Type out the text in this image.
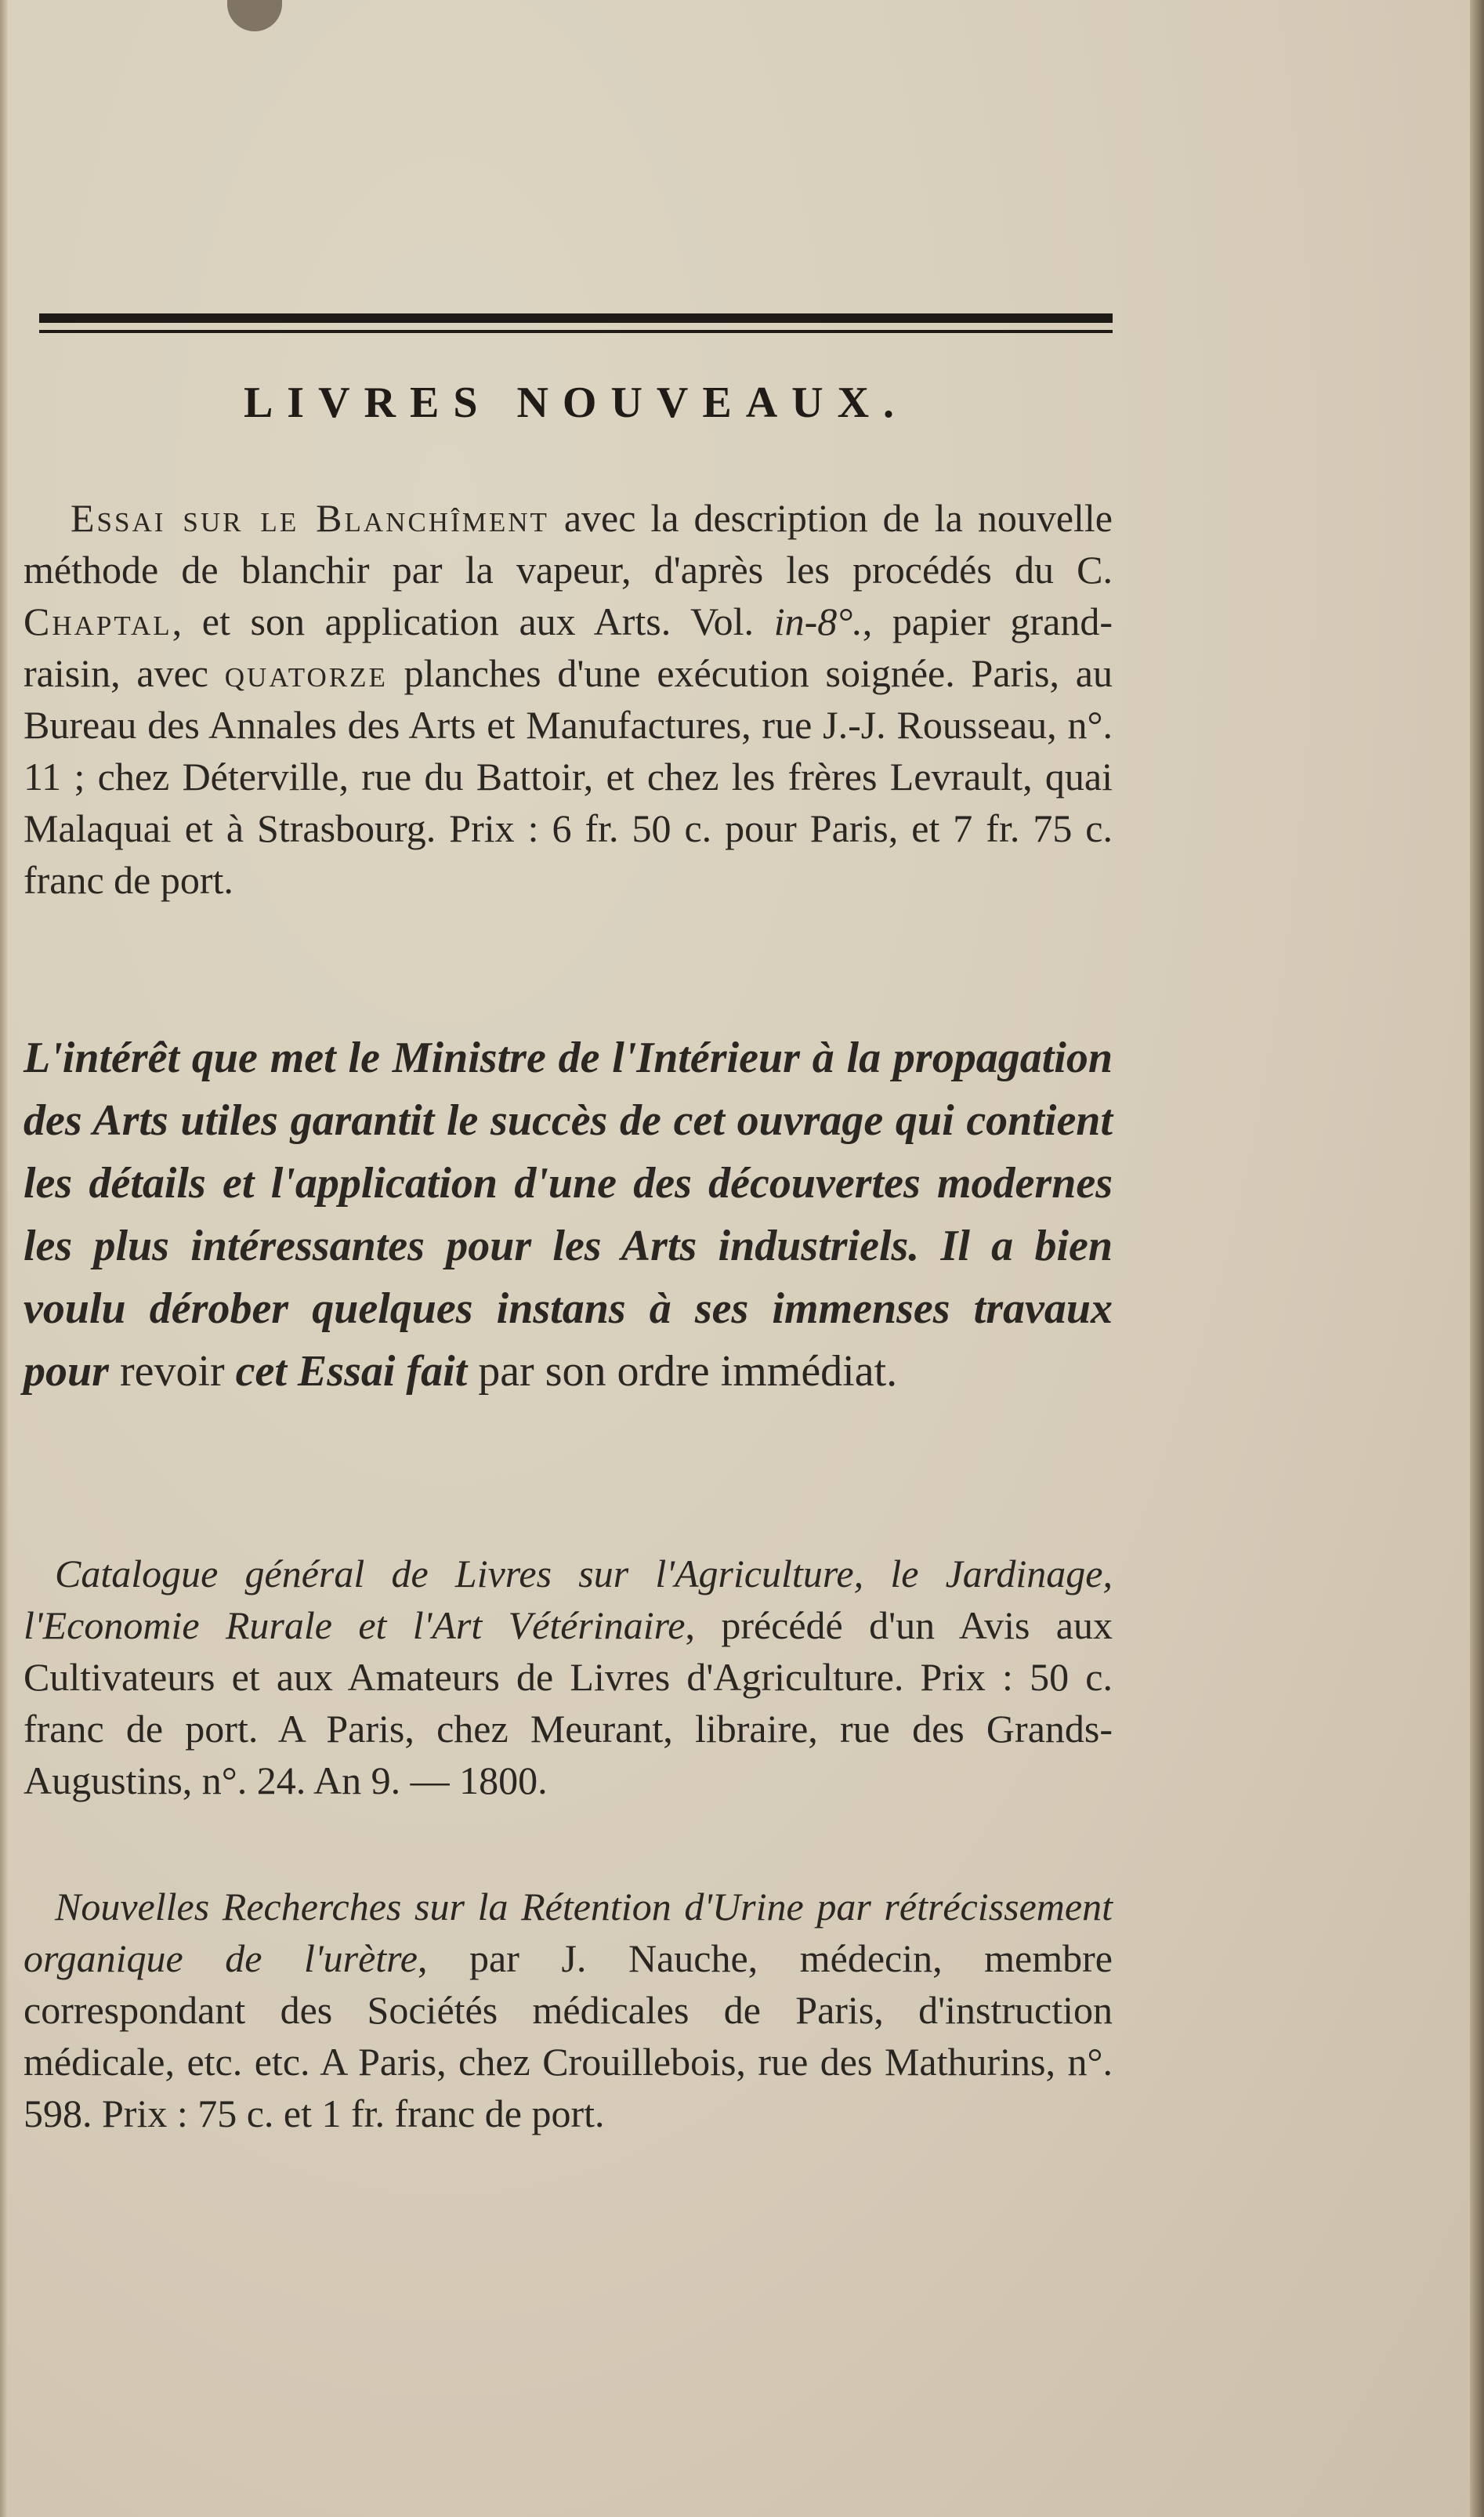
LIVRES NOUVEAUX.
Essai sur le Blanchîment avec la description de la nouvelle méthode de blanchir par la vapeur, d'après les procédés du C. Chaptal, et son application aux Arts. Vol. in-8°., papier grand-raisin, avec quatorze planches d'une exécution soignée. Paris, au Bureau des Annales des Arts et Manufactures, rue J.-J. Rousseau, n°. 11 ; chez Déterville, rue du Battoir, et chez les frères Levrault, quai Malaquai et à Strasbourg. Prix : 6 fr. 50 c. pour Paris, et 7 fr. 75 c. franc de port.
L'intérêt que met le Ministre de l'Intérieur à la propagation des Arts utiles garantit le succès de cet ouvrage qui contient les détails et l'application d'une des découvertes modernes les plus intéressantes pour les Arts industriels. Il a bien voulu dérober quelques instans à ses immenses travaux pour revoir cet Essai fait par son ordre immédiat.
Catalogue général de Livres sur l'Agriculture, le Jardinage, l'Economie Rurale et l'Art Vétérinaire, précédé d'un Avis aux Cultivateurs et aux Amateurs de Livres d'Agriculture. Prix : 50 c. franc de port. A Paris, chez Meurant, libraire, rue des Grands-Augustins, n°. 24. An 9. — 1800.
Nouvelles Recherches sur la Rétention d'Urine par rétrécissement organique de l'urètre, par J. Nauche, médecin, membre correspondant des Sociétés médicales de Paris, d'instruction médicale, etc. etc. A Paris, chez Crouillebois, rue des Mathurins, n°. 598. Prix : 75 c. et 1 fr. franc de port.
